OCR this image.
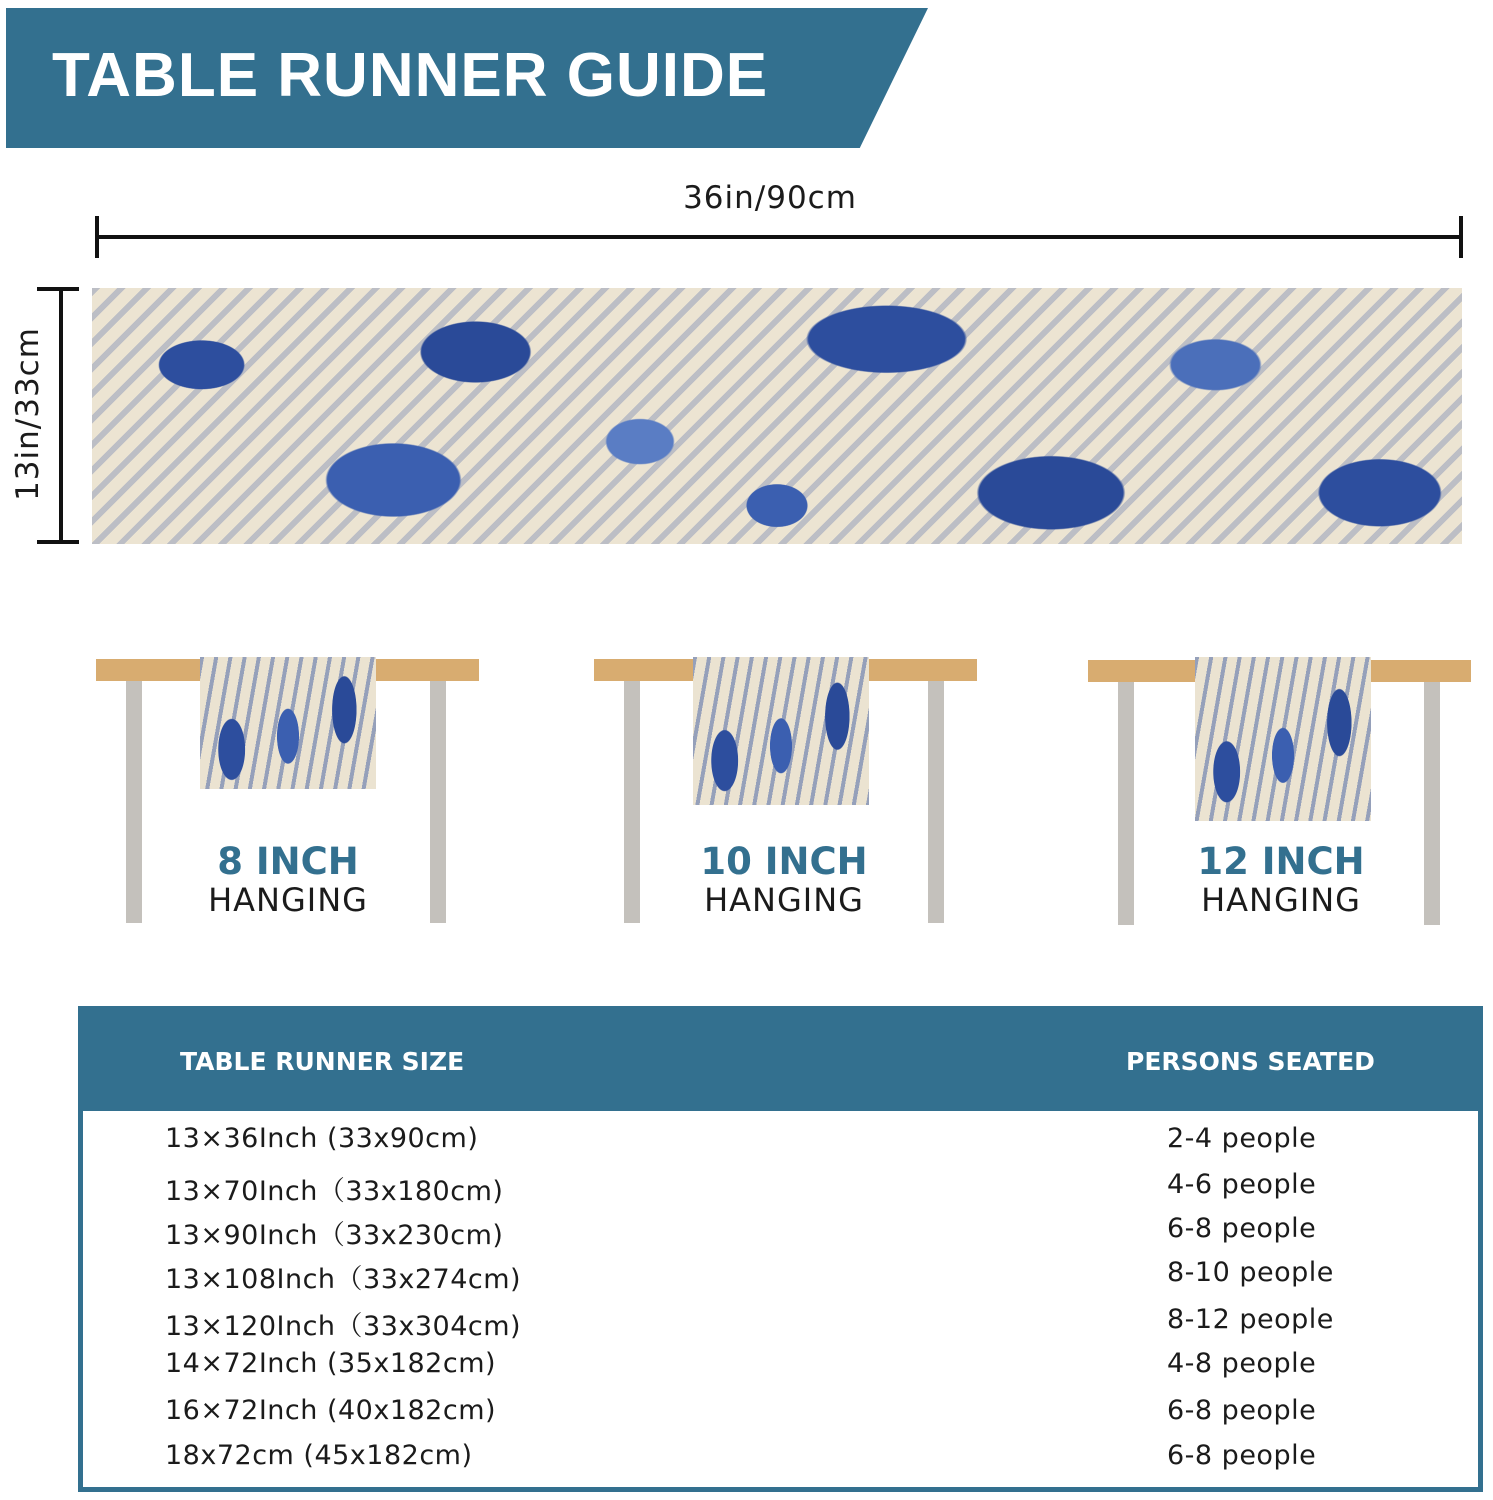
TABLE RUNNER GUIDE
36in/90cm
13in/33cm
8 INCH
HANGING
10 INCH
HANGING
12 INCH
HANGING
TABLE RUNNER SIZE	PERSONS SEATED
13×36Inch (33x90cm)	2-4 people
13×70Inch（33x180cm)	4-6 people
13×90Inch（33x230cm)	6-8 people
13×108Inch（33x274cm)	8-10 people
13×120Inch（33x304cm)	8-12 people
14×72Inch (35x182cm)	4-8 people
16×72Inch (40x182cm)	6-8 people
18x72cm (45x182cm)	6-8 people
